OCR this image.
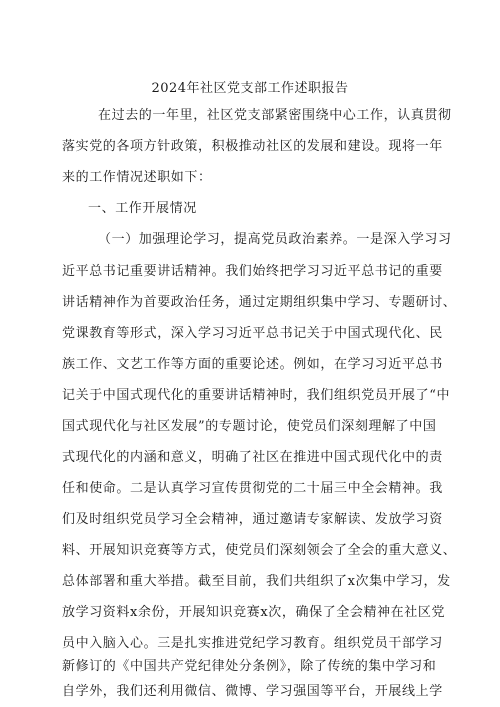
2024年社区党支部工作述职报告
在过去的一年里，社区党支部紧密围绕中心工作，认真贯彻
落实党的各项方针政策，积极推动社区的发展和建设。现将一年
来的工作情况述职如下：
一、工作开展情况
（一）加强理论学习，提高党员政治素养。一是深入学习习
近平总书记重要讲话精神。我们始终把学习习近平总书记的重要
讲话精神作为首要政治任务，通过定期组织集中学习、专题研讨、
党课教育等形式，深入学习习近平总书记关于中国式现代化、民
族工作、文艺工作等方面的重要论述。例如，在学习习近平总书
记关于中国式现代化的重要讲话精神时，我们组织党员开展了“中
国式现代化与社区发展”的专题讨论，使党员们深刻理解了中国
式现代化的内涵和意义，明确了社区在推进中国式现代化中的责
任和使命。二是认真学习宣传贯彻党的二十届三中全会精神。我
们及时组织党员学习全会精神，通过邀请专家解读、发放学习资
料、开展知识竞赛等方式，使党员们深刻领会了全会的重大意义、
总体部署和重大举措。截至目前，我们共组织了x次集中学习，发
放学习资料x余份，开展知识竞赛x次，确保了全会精神在社区党
员中入脑入心。三是扎实推进党纪学习教育。组织党员干部学习
新修订的《中国共产党纪律处分条例》，除了传统的集中学习和
自学外，我们还利用微信、微博、学习强国等平台，开展线上学
